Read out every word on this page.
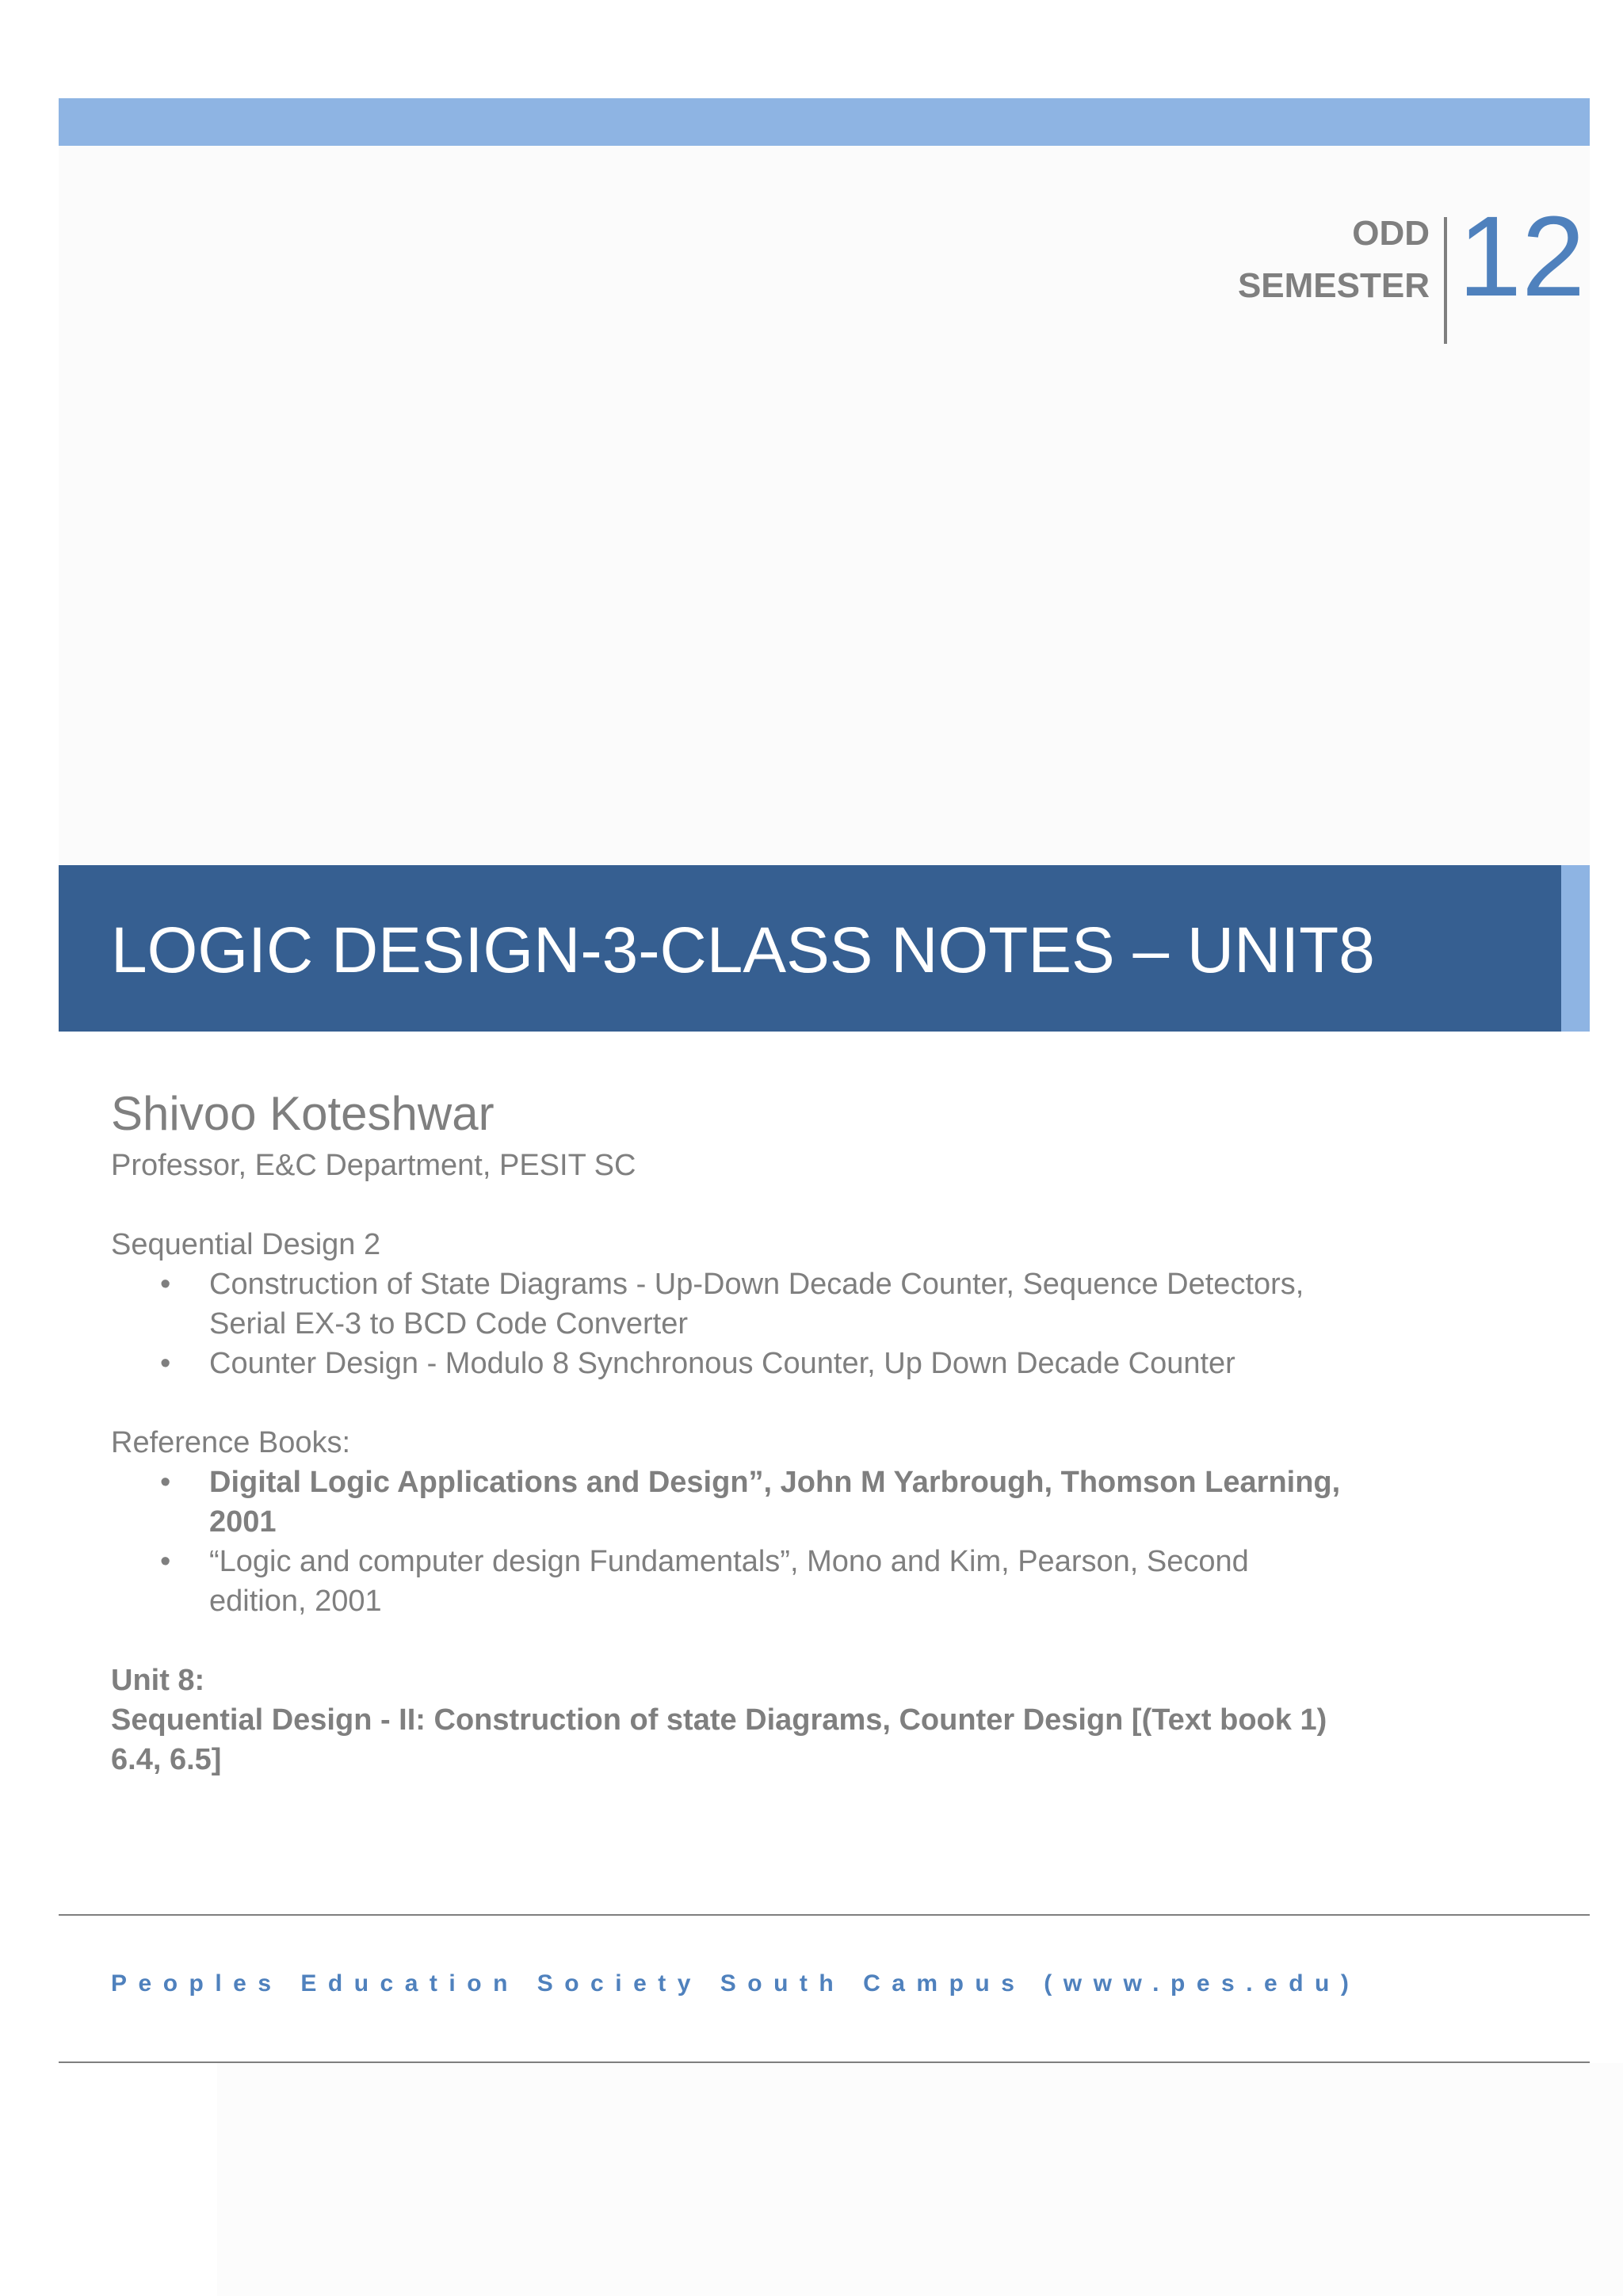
ODD
SEMESTER 12
LOGIC DESIGN-3-CLASS NOTES – UNIT8

Shivoo Koteshwar

Professor, E&C Department, PESIT SC

Sequential Design 2

• Construction of State Diagrams - Up-Down Decade Counter, Sequence Detectors, Serial EX-3 to BCD Code Converter
• Counter Design - Modulo 8 Synchronous Counter, Up Down Decade Counter

Reference Books:

• Digital Logic Applications and Design”, John M Yarbrough, Thomson Learning, 2001
• “Logic and computer design Fundamentals”, Mono and Kim, Pearson, Second edition, 2001

Unit 8:

Sequential Design - II: Construction of state Diagrams, Counter Design [(Text book 1) 6.4, 6.5]

Peoples Education Society South Campus (www.pes.edu)
